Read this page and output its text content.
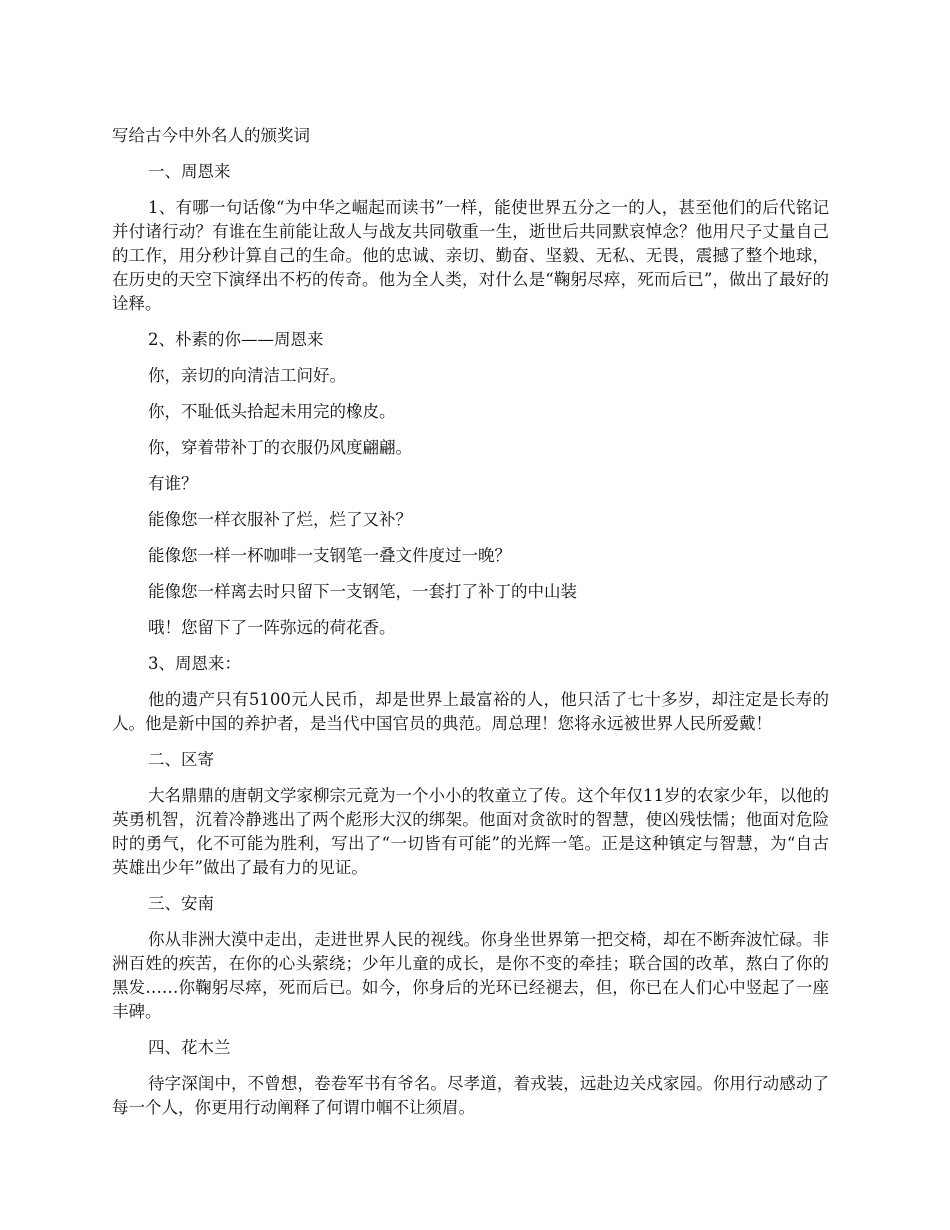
写给古今中外名人的颁奖词
一、周恩来
1、有哪一句话像“为中华之崛起而读书”一样，能使世界五分之一的人，甚至他们的后代铭记并付诸行动？有谁在生前能让敌人与战友共同敬重一生，逝世后共同默哀悼念？他用尺子丈量自己的工作，用分秒计算自己的生命。他的忠诚、亲切、勤奋、坚毅、无私、无畏，震撼了整个地球，在历史的天空下演绎出不朽的传奇。他为全人类，对什么是“鞠躬尽瘁，死而后已”，做出了最好的诠释。
2、朴素的你——周恩来
你，亲切的向清洁工问好。
你，不耻低头拾起未用完的橡皮。
你，穿着带补丁的衣服仍风度翩翩。
有谁？
能像您一样衣服补了烂，烂了又补？
能像您一样一杯咖啡一支钢笔一叠文件度过一晚？
能像您一样离去时只留下一支钢笔，一套打了补丁的中山装
哦！您留下了一阵弥远的荷花香。
3、周恩来：
他的遗产只有5100元人民币，却是世界上最富裕的人，他只活了七十多岁，却注定是长寿的人。他是新中国的养护者，是当代中国官员的典范。周总理！您将永远被世界人民所爱戴！
二、区寄
大名鼎鼎的唐朝文学家柳宗元竟为一个小小的牧童立了传。这个年仅11岁的农家少年，以他的英勇机智，沉着冷静逃出了两个彪形大汉的绑架。他面对贪欲时的智慧，使凶残怯懦；他面对危险时的勇气，化不可能为胜利，写出了“一切皆有可能”的光辉一笔。正是这种镇定与智慧，为“自古英雄出少年”做出了最有力的见证。
三、安南
你从非洲大漠中走出，走进世界人民的视线。你身坐世界第一把交椅，却在不断奔波忙碌。非洲百姓的疾苦，在你的心头萦绕；少年儿童的成长，是你不变的牵挂；联合国的改革，熬白了你的黑发……你鞠躬尽瘁，死而后已。如今，你身后的光环已经褪去，但，你已在人们心中竖起了一座丰碑。
四、花木兰
待字深闺中，不曾想，卷卷军书有爷名。尽孝道，着戎装，远赴边关戍家园。你用行动感动了每一个人，你更用行动阐释了何谓巾帼不让须眉。
